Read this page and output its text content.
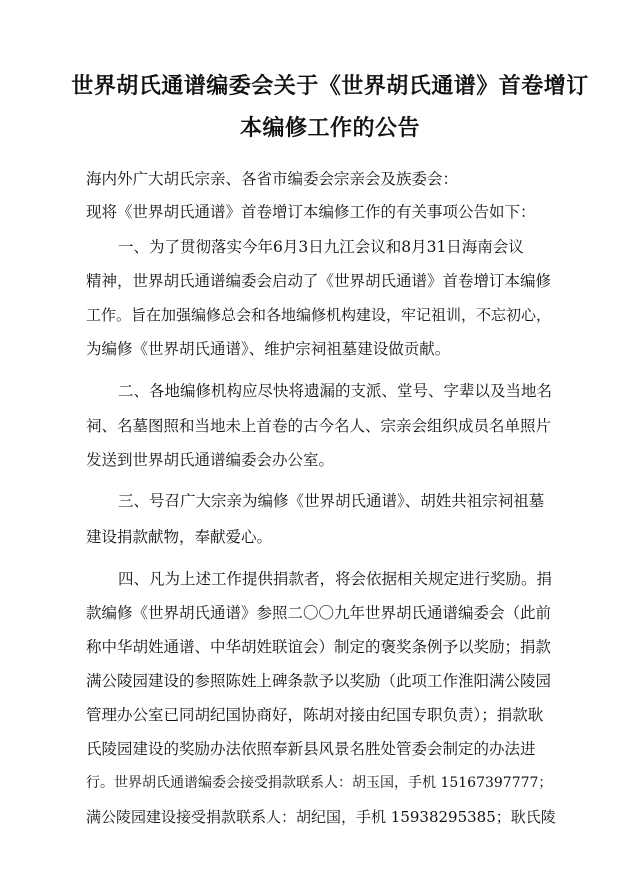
世界胡氏通谱编委会关于《世界胡氏通谱》首卷增订
本编修工作的公告
海内外广大胡氏宗亲、各省市编委会宗亲会及族委会：
现将《世界胡氏通谱》首卷增订本编修工作的有关事项公告如下：
一、为了贯彻落实今年6月3日九江会议和8月31日海南会议
精神，世界胡氏通谱编委会启动了《世界胡氏通谱》首卷增订本编修
工作。旨在加强编修总会和各地编修机构建设，牢记祖训，不忘初心，
为编修《世界胡氏通谱》、维护宗祠祖墓建设做贡献。
二、各地编修机构应尽快将遗漏的支派、堂号、字辈以及当地名
祠、名墓图照和当地未上首卷的古今名人、宗亲会组织成员名单照片
发送到世界胡氏通谱编委会办公室。
三、号召广大宗亲为编修《世界胡氏通谱》、胡姓共祖宗祠祖墓
建设捐款献物，奉献爱心。
四、凡为上述工作提供捐款者，将会依据相关规定进行奖励。捐
款编修《世界胡氏通谱》参照二〇〇九年世界胡氏通谱编委会（此前
称中华胡姓通谱、中华胡姓联谊会）制定的褒奖条例予以奖励；捐款
满公陵园建设的参照陈姓上碑条款予以奖励（此项工作淮阳满公陵园
管理办公室已同胡纪国协商好，陈胡对接由纪国专职负责）；捐款耿
氏陵园建设的奖励办法依照奉新县风景名胜处管委会制定的办法进
行。世界胡氏通谱编委会接受捐款联系人：胡玉国，手机 15167397777；
满公陵园建设接受捐款联系人：胡纪国，手机 15938295385；耿氏陵
